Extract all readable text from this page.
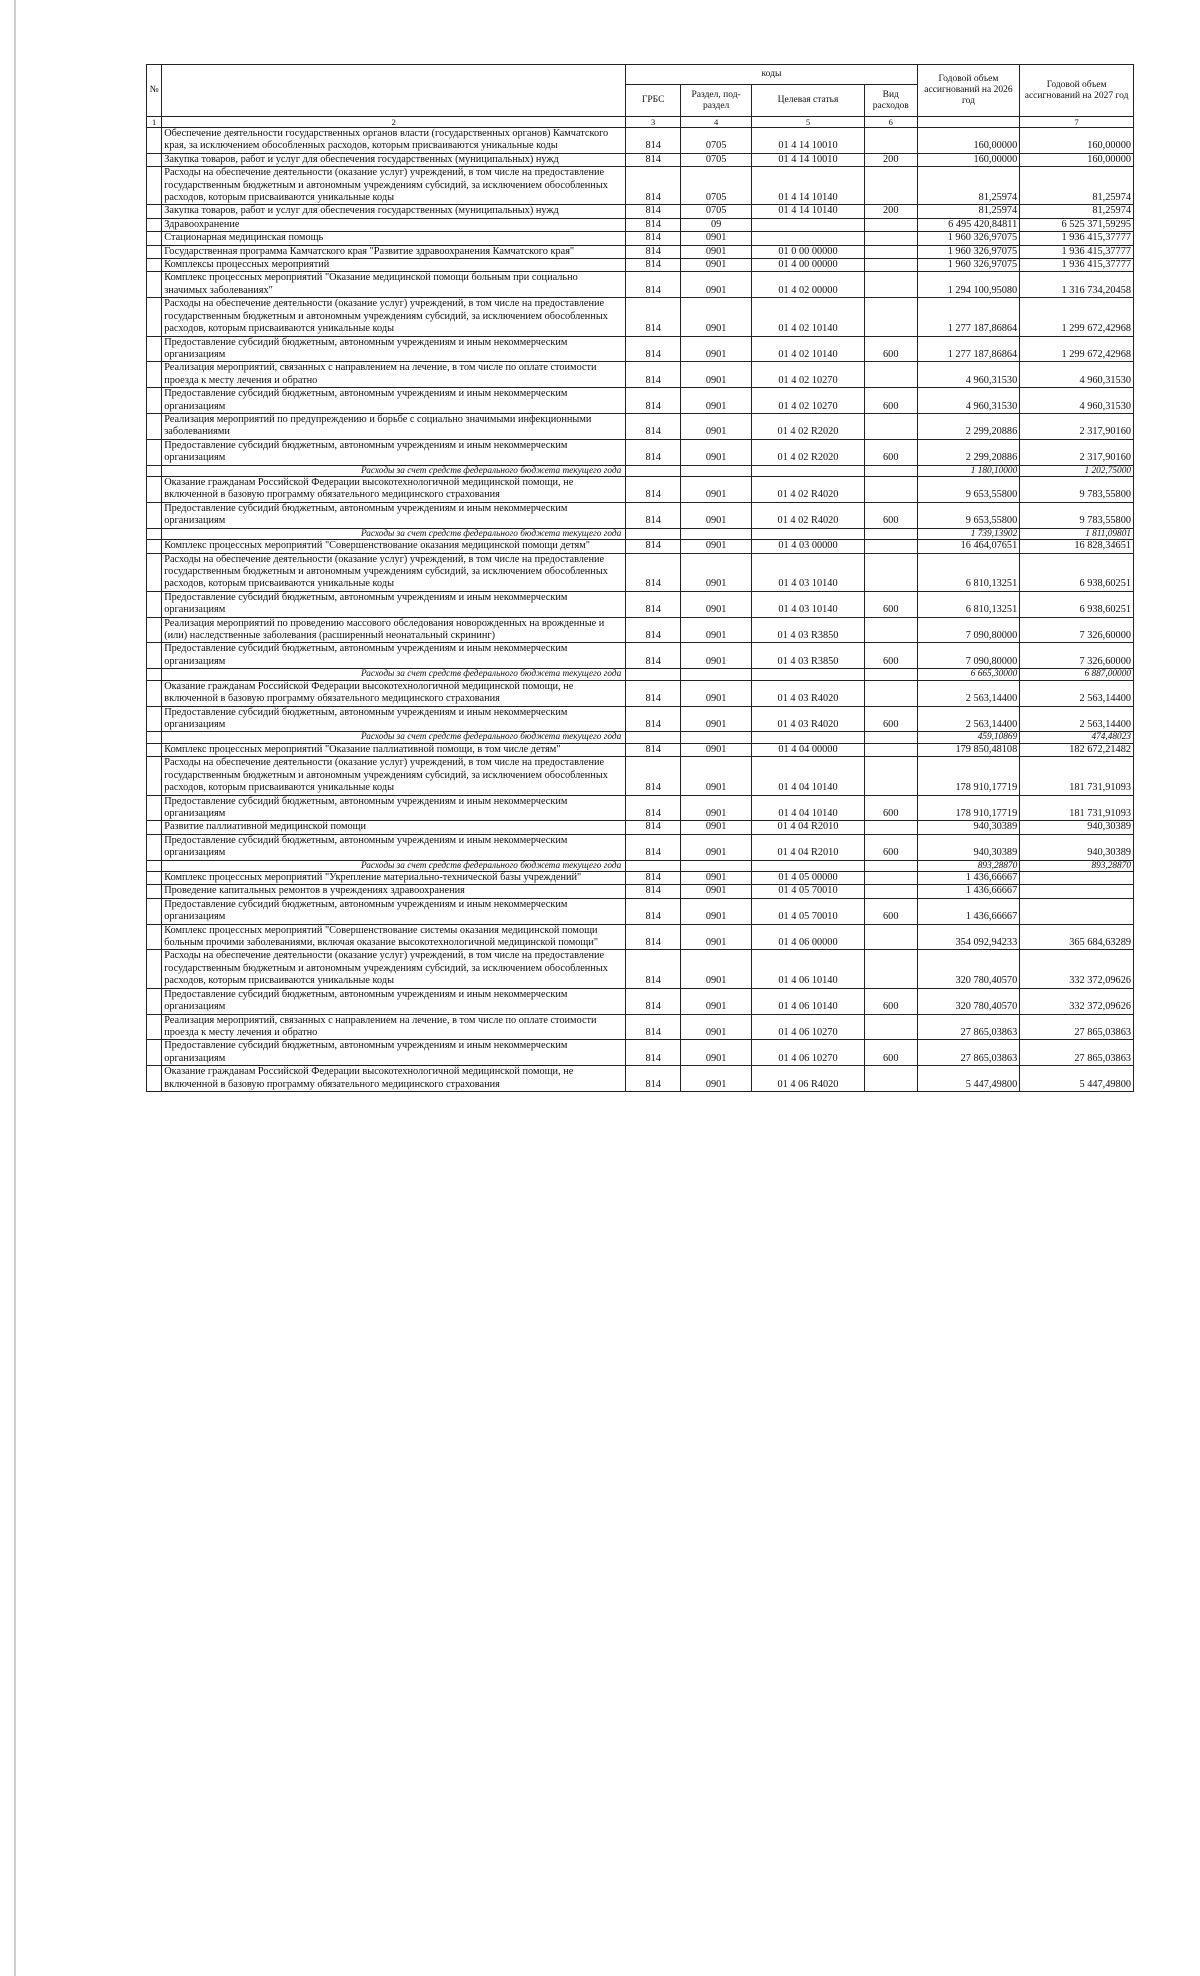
№		коды				Годовой объем ассигнований на 2026 год	Годовой объем ассигнований на 2027 год
		ГРБС	Раздел, под-раздел	Целевая статья	Вид расходов		
1	2	3	4	5	6		7
	Обеспечение деятельности государственных органов власти (государственных органов) Камчатского края, за исключением обособленных расходов, которым присваиваются уникальные коды	814	0705	01 4 14 10010		160,00000	160,00000
	Закупка товаров, работ и услуг для обеспечения государственных (муниципальных) нужд	814	0705	01 4 14 10010	200	160,00000	160,00000
	Расходы на обеспечение деятельности (оказание услуг) учреждений, в том числе на предоставление государственным бюджетным и автономным учреждениям субсидий, за исключением обособленных расходов, которым присваиваются уникальные коды	814	0705	01 4 14 10140		81,25974	81,25974
	Закупка товаров, работ и услуг для обеспечения государственных (муниципальных) нужд	814	0705	01 4 14 10140	200	81,25974	81,25974
	Здравоохранение	814	09			6 495 420,84811	6 525 371,59295
	Стационарная медицинская помощь	814	0901			1 960 326,97075	1 936 415,37777
	Государственная программа Камчатского края "Развитие здравоохранения Камчатского края"	814	0901	01 0 00 00000		1 960 326,97075	1 936 415,37777
	Комплексы процессных мероприятий	814	0901	01 4 00 00000		1 960 326,97075	1 936 415,37777
	Комплекс процессных мероприятий "Оказание медицинской помощи больным при социально значимых заболеваниях"	814	0901	01 4 02 00000		1 294 100,95080	1 316 734,20458
	Расходы на обеспечение деятельности (оказание услуг) учреждений, в том числе на предоставление государственным бюджетным и автономным учреждениям субсидий, за исключением обособленных расходов, которым присваиваются уникальные коды	814	0901	01 4 02 10140		1 277 187,86864	1 299 672,42968
	Предоставление субсидий бюджетным, автономным учреждениям и иным некоммерческим организациям	814	0901	01 4 02 10140	600	1 277 187,86864	1 299 672,42968
	Реализация мероприятий, связанных с направлением на лечение, в том числе по оплате стоимости проезда к месту лечения и обратно	814	0901	01 4 02 10270		4 960,31530	4 960,31530
	Предоставление субсидий бюджетным, автономным учреждениям и иным некоммерческим организациям	814	0901	01 4 02 10270	600	4 960,31530	4 960,31530
	Реализация мероприятий по предупреждению и борьбе с социально значимыми инфекционными заболеваниями	814	0901	01 4 02 R2020		2 299,20886	2 317,90160
	Предоставление субсидий бюджетным, автономным учреждениям и иным некоммерческим организациям	814	0901	01 4 02 R2020	600	2 299,20886	2 317,90160
	Расходы за счет средств федерального бюджета текущего года					1 180,10000	1 202,75000
	Оказание гражданам Российской Федерации высокотехнологичной медицинской помощи, не включенной в базовую программу обязательного медицинского страхования	814	0901	01 4 02 R4020		9 653,55800	9 783,55800
	Предоставление субсидий бюджетным, автономным учреждениям и иным некоммерческим организациям	814	0901	01 4 02 R4020	600	9 653,55800	9 783,55800
	Расходы за счет средств федерального бюджета текущего года					1 739,13902	1 811,09801
	Комплекс процессных мероприятий "Совершенствование оказания медицинской помощи детям"	814	0901	01 4 03 00000		16 464,07651	16 828,34651
	Расходы на обеспечение деятельности (оказание услуг) учреждений, в том числе на предоставление государственным бюджетным и автономным учреждениям субсидий, за исключением обособленных расходов, которым присваиваются уникальные коды	814	0901	01 4 03 10140		6 810,13251	6 938,60251
	Предоставление субсидий бюджетным, автономным учреждениям и иным некоммерческим организациям	814	0901	01 4 03 10140	600	6 810,13251	6 938,60251
	Реализация мероприятий по проведению массового обследования новорожденных на врожденные и (или) наследственные заболевания (расширенный неонатальный скрининг)	814	0901	01 4 03 R3850		7 090,80000	7 326,60000
	Предоставление субсидий бюджетным, автономным учреждениям и иным некоммерческим организациям	814	0901	01 4 03 R3850	600	7 090,80000	7 326,60000
	Расходы за счет средств федерального бюджета текущего года					6 665,30000	6 887,00000
	Оказание гражданам Российской Федерации высокотехнологичной медицинской помощи, не включенной в базовую программу обязательного медицинского страхования	814	0901	01 4 03 R4020		2 563,14400	2 563,14400
	Предоставление субсидий бюджетным, автономным учреждениям и иным некоммерческим организациям	814	0901	01 4 03 R4020	600	2 563,14400	2 563,14400
	Расходы за счет средств федерального бюджета текущего года					459,10869	474,48023
	Комплекс процессных мероприятий "Оказание паллиативной помощи, в том числе детям"	814	0901	01 4 04 00000		179 850,48108	182 672,21482
	Расходы на обеспечение деятельности (оказание услуг) учреждений, в том числе на предоставление государственным бюджетным и автономным учреждениям субсидий, за исключением обособленных расходов, которым присваиваются уникальные коды	814	0901	01 4 04 10140		178 910,17719	181 731,91093
	Предоставление субсидий бюджетным, автономным учреждениям и иным некоммерческим организациям	814	0901	01 4 04 10140	600	178 910,17719	181 731,91093
	Развитие паллиативной медицинской помощи	814	0901	01 4 04 R2010		940,30389	940,30389
	Предоставление субсидий бюджетным, автономным учреждениям и иным некоммерческим организациям	814	0901	01 4 04 R2010	600	940,30389	940,30389
	Расходы за счет средств федерального бюджета текущего года					893,28870	893,28870
	Комплекс процессных мероприятий "Укрепление материально-технической базы учреждений"	814	0901	01 4 05 00000		1 436,66667	
	Проведение капитальных ремонтов в учреждениях здравоохранения	814	0901	01 4 05 70010		1 436,66667	
	Предоставление субсидий бюджетным, автономным учреждениям и иным некоммерческим организациям	814	0901	01 4 05 70010	600	1 436,66667	
	Комплекс процессных мероприятий "Совершенствование системы оказания медицинской помощи больным прочими заболеваниями, включая оказание высокотехнологичной медицинской помощи"	814	0901	01 4 06 00000		354 092,94233	365 684,63289
	Расходы на обеспечение деятельности (оказание услуг) учреждений, в том числе на предоставление государственным бюджетным и автономным учреждениям субсидий, за исключением обособленных расходов, которым присваиваются уникальные коды	814	0901	01 4 06 10140		320 780,40570	332 372,09626
	Предоставление субсидий бюджетным, автономным учреждениям и иным некоммерческим организациям	814	0901	01 4 06 10140	600	320 780,40570	332 372,09626
	Реализация мероприятий, связанных с направлением на лечение, в том числе по оплате стоимости проезда к месту лечения и обратно	814	0901	01 4 06 10270		27 865,03863	27 865,03863
	Предоставление субсидий бюджетным, автономным учреждениям и иным некоммерческим организациям	814	0901	01 4 06 10270	600	27 865,03863	27 865,03863
	Оказание гражданам Российской Федерации высокотехнологичной медицинской помощи, не включенной в базовую программу обязательного медицинского страхования	814	0901	01 4 06 R4020		5 447,49800	5 447,49800
